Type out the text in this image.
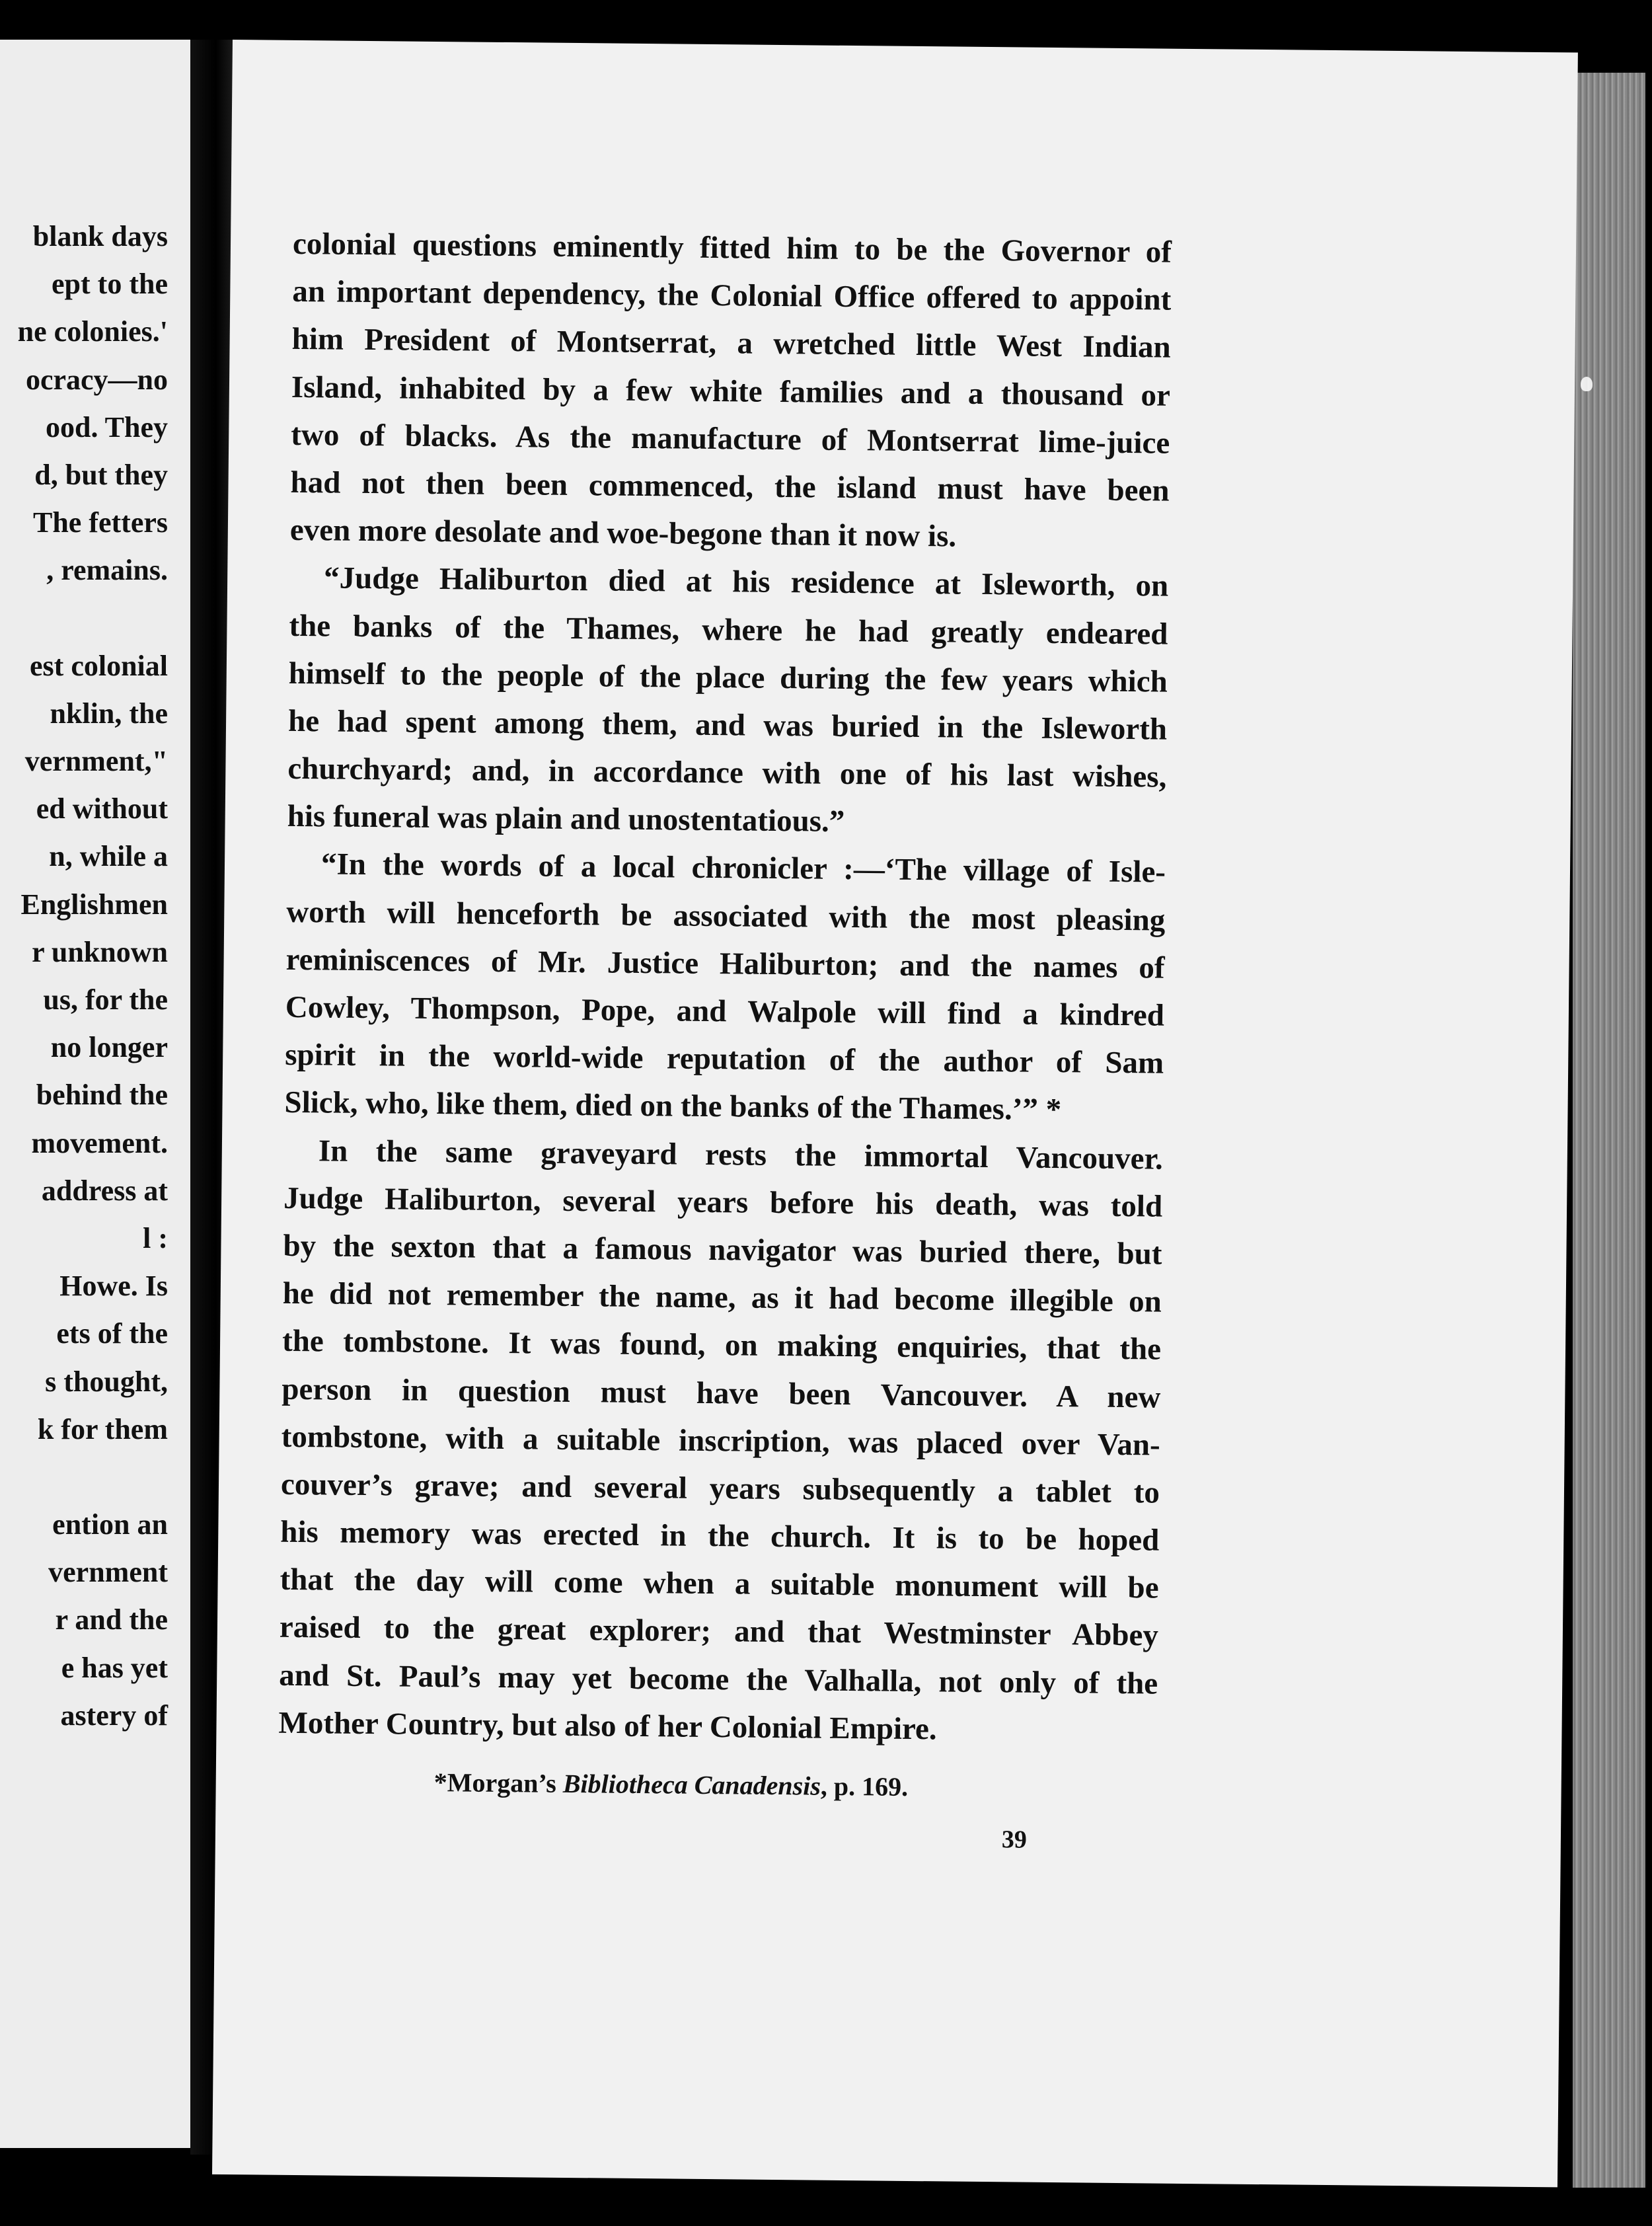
blank days
ept to the
ne colonies.'
ocracy—no
ood. They
d, but they
The fetters
, remains.
est colonial
nklin, the
vernment,"
ed without
n, while a
Englishmen
r unknown
us, for the
no longer
behind the
movement.
address at
l :
Howe. Is
ets of the
s thought,
k for them
ention an
vernment
r and the
e has yet
astery of
colonial questions eminently fitted him to be the Governor of
an important dependency, the Colonial Office offered to appoint
him President of Montserrat, a wretched little West Indian
Island, inhabited by a few white families and a thousand or
two of blacks. As the manufacture of Montserrat lime-juice
had not then been commenced, the island must have been
even more desolate and woe-begone than it now is.
“Judge Haliburton died at his residence at Isleworth, on
the banks of the Thames, where he had greatly endeared
himself to the people of the place during the few years which
he had spent among them, and was buried in the Isleworth
churchyard; and, in accordance with one of his last wishes,
his funeral was plain and unostentatious.”
“In the words of a local chronicler :—‘The village of Isle-
worth will henceforth be associated with the most pleasing
reminiscences of Mr. Justice Haliburton; and the names of
Cowley, Thompson, Pope, and Walpole will find a kindred
spirit in the world-wide reputation of the author of Sam
Slick, who, like them, died on the banks of the Thames.’” *
In the same graveyard rests the immortal Vancouver.
Judge Haliburton, several years before his death, was told
by the sexton that a famous navigator was buried there, but
he did not remember the name, as it had become illegible on
the tombstone. It was found, on making enquiries, that the
person in question must have been Vancouver. A new
tombstone, with a suitable inscription, was placed over Van-
couver’s grave; and several years subsequently a tablet to
his memory was erected in the church. It is to be hoped
that the day will come when a suitable monument will be
raised to the great explorer; and that Westminster Abbey
and St. Paul’s may yet become the Valhalla, not only of the
Mother Country, but also of her Colonial Empire.
*Morgan’s Bibliotheca Canadensis, p. 169.
39
